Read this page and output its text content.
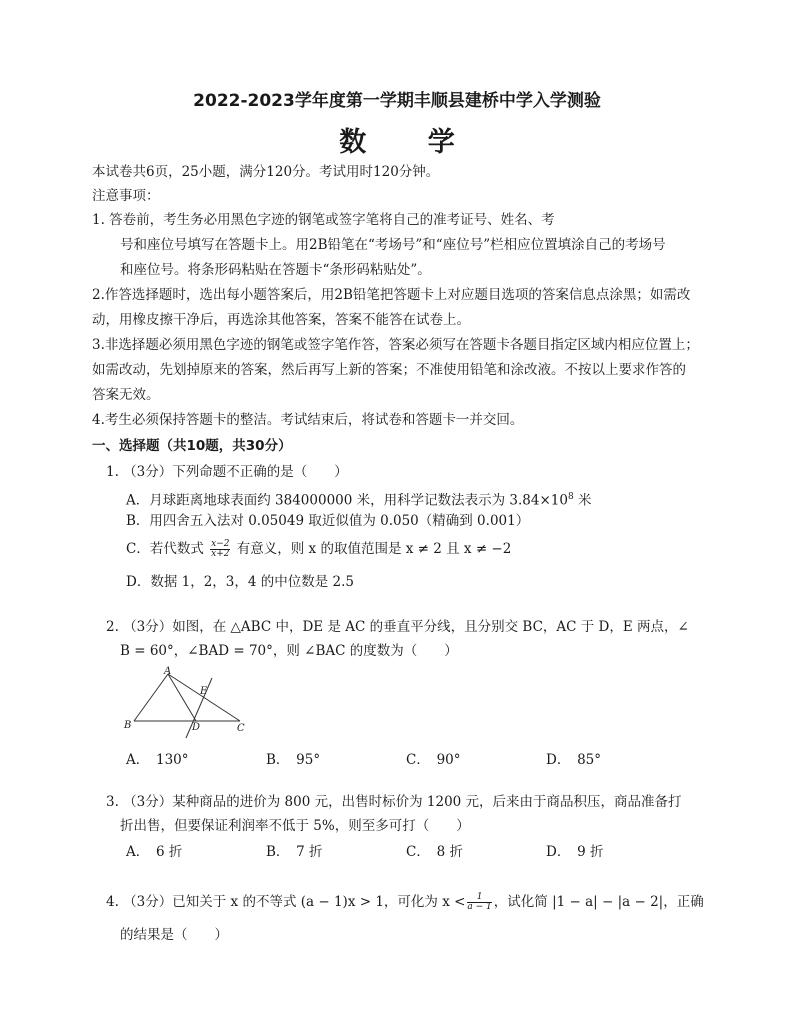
2022-2023学年度第一学期丰顺县建桥中学入学测验
数 学
本试卷共6页，25小题，满分120分。考试用时120分钟。
注意事项：
1. 答卷前，考生务必用黑色字迹的钢笔或签字笔将自己的准考证号、姓名、考
号和座位号填写在答题卡上。用2B铅笔在“考场号”和“座位号”栏相应位置填涂自己的考场号
和座位号。将条形码粘贴在答题卡“条形码粘贴处”。
2.作答选择题时，选出每小题答案后，用2B铅笔把答题卡上对应题目选项的答案信息点涂黑；如需改
动，用橡皮擦干净后，再选涂其他答案，答案不能答在试卷上。
3.非选择题必须用黑色字迹的钢笔或签字笔作答，答案必须写在答题卡各题目指定区域内相应位置上；
如需改动，先划掉原来的答案，然后再写上新的答案；不准使用铅笔和涂改液。不按以上要求作答的
答案无效。
4.考生必须保持答题卡的整洁。考试结束后，将试卷和答题卡一并交回。
一、选择题（共10题，共30分）
1. （3分）下列命题不正确的是（　　）
A．月球距离地球表面约 384000000 米，用科学记数法表示为 $3.84\times 10^8$ 米
B．用四舍五入法对 0.05049 取近似值为 0.050（精确到 0.001）
C．若代数式 $\frac{x-2}{x+2}$ 有意义，则 x 的取值范围是 x ≠ 2 且 x ≠ −2
D．数据 1，2，3，4 的中位数是 2.5
2. （3分）如图，在 △ABC 中，DE 是 AC 的垂直平分线，且分别交 BC，AC 于 D，E 两点，∠
B = 60°，∠BAD = 70°，则 ∠BAC 的度数为（　　）
A
B	C
D
E
A．　130°	B．　95°	C．　90°	D．　85°
3. （3分）某种商品的进价为 800 元，出售时标价为 1200 元，后来由于商品积压，商品准备打
折出售，但要保证利润率不低于 5%，则至多可打（　　）
A．　6 折	B．　7 折	C．　8 折	D．　9 折
4. （3分）已知关于 x 的不等式 (a − 1)x > 1，可化为 $x < \frac{1}{a - 1}$ ，试化简 |1 − a| − |a − 2|，正确
的结果是（　　）
